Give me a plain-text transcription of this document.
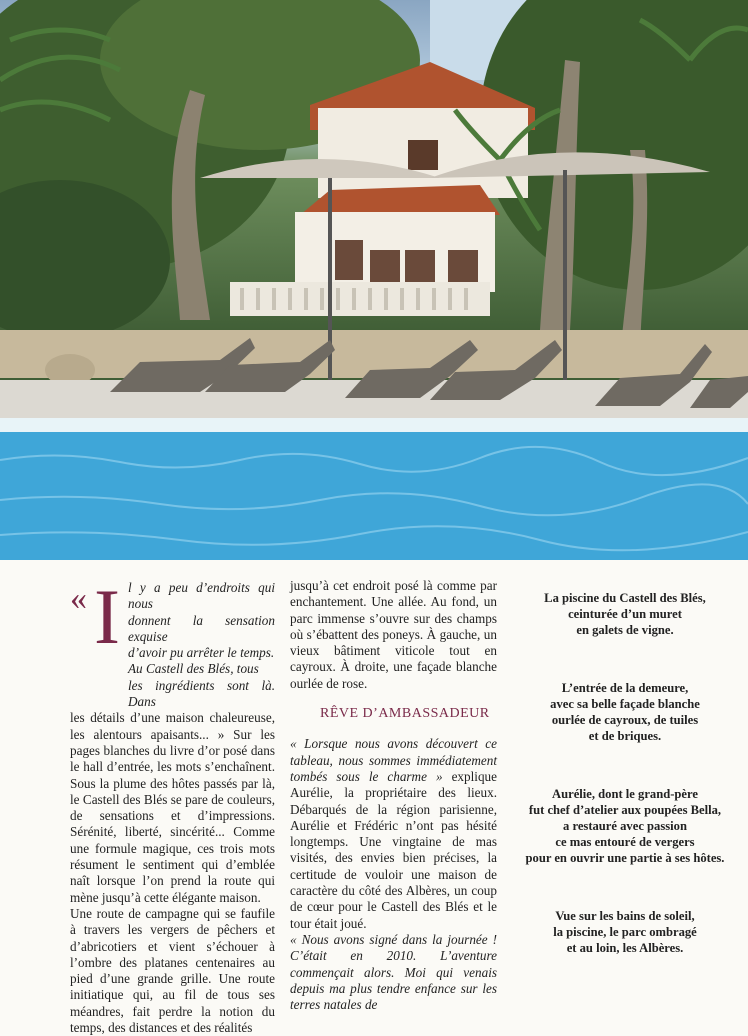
« I l y a peu d’endroits qui nous

donnent la sensation exquise

d’avoir pu arrêter le temps.

Au Castell des Blés, tous

les ingrédients sont là. Dans

les détails d’une maison chaleureuse, les alentours apaisants... » Sur les pages blanches du livre d’or posé dans le hall d’entrée, les mots s’enchaînent. Sous la plume des hôtes passés par là, le Castell des Blés se pare de couleurs, de sensations et d’impressions. Sérénité, liberté, sincérité... Comme une formule magique, ces trois mots résument le sentiment qui d’emblée naît lorsque l’on prend la route qui mène jusqu’à cette élégante maison.

Une route de campagne qui se faufile à travers les vergers de pêchers et d’abricotiers et vient s’échouer à l’ombre des platanes centenaires au pied d’une grande grille. Une route initiatique qui, au fil de tous ses méandres, fait perdre la notion du temps, des distances et des réalités

jusqu’à cet endroit posé là comme par enchantement. Une allée. Au fond, un parc immense s’ouvre sur des champs où s’ébattent des poneys. À gauche, un vieux bâtiment viticole tout en cayroux. À droite, une façade blanche ourlée de rose.

RÊVE D’AMBASSADEUR

« Lorsque nous avons découvert ce tableau, nous sommes immédiatement tombés sous le charme » explique Aurélie, la propriétaire des lieux. Débarqués de la région parisienne, Aurélie et Frédéric n’ont pas hésité longtemps. Une vingtaine de mas visités, des envies bien précises, la certitude de vouloir une maison de caractère du côté des Albères, un coup de cœur pour le Castell des Blés et le tour était joué.

« Nous avons signé dans la journée ! C’était en 2010. L’aventure commençait alors. Moi qui venais depuis ma plus tendre enfance sur les terres natales de

La piscine du Castell des Blés,
ceinturée d’un muret
en galets de vigne.

L’entrée de la demeure,
avec sa belle façade blanche
ourlée de cayroux, de tuiles
et de briques.

Aurélie, dont le grand-père
fut chef d’atelier aux poupées Bella,
a restauré avec passion
ce mas entouré de vergers
pour en ouvrir une partie à ses hôtes.

Vue sur les bains de soleil,
la piscine, le parc ombragé
et au loin, les Albères.
